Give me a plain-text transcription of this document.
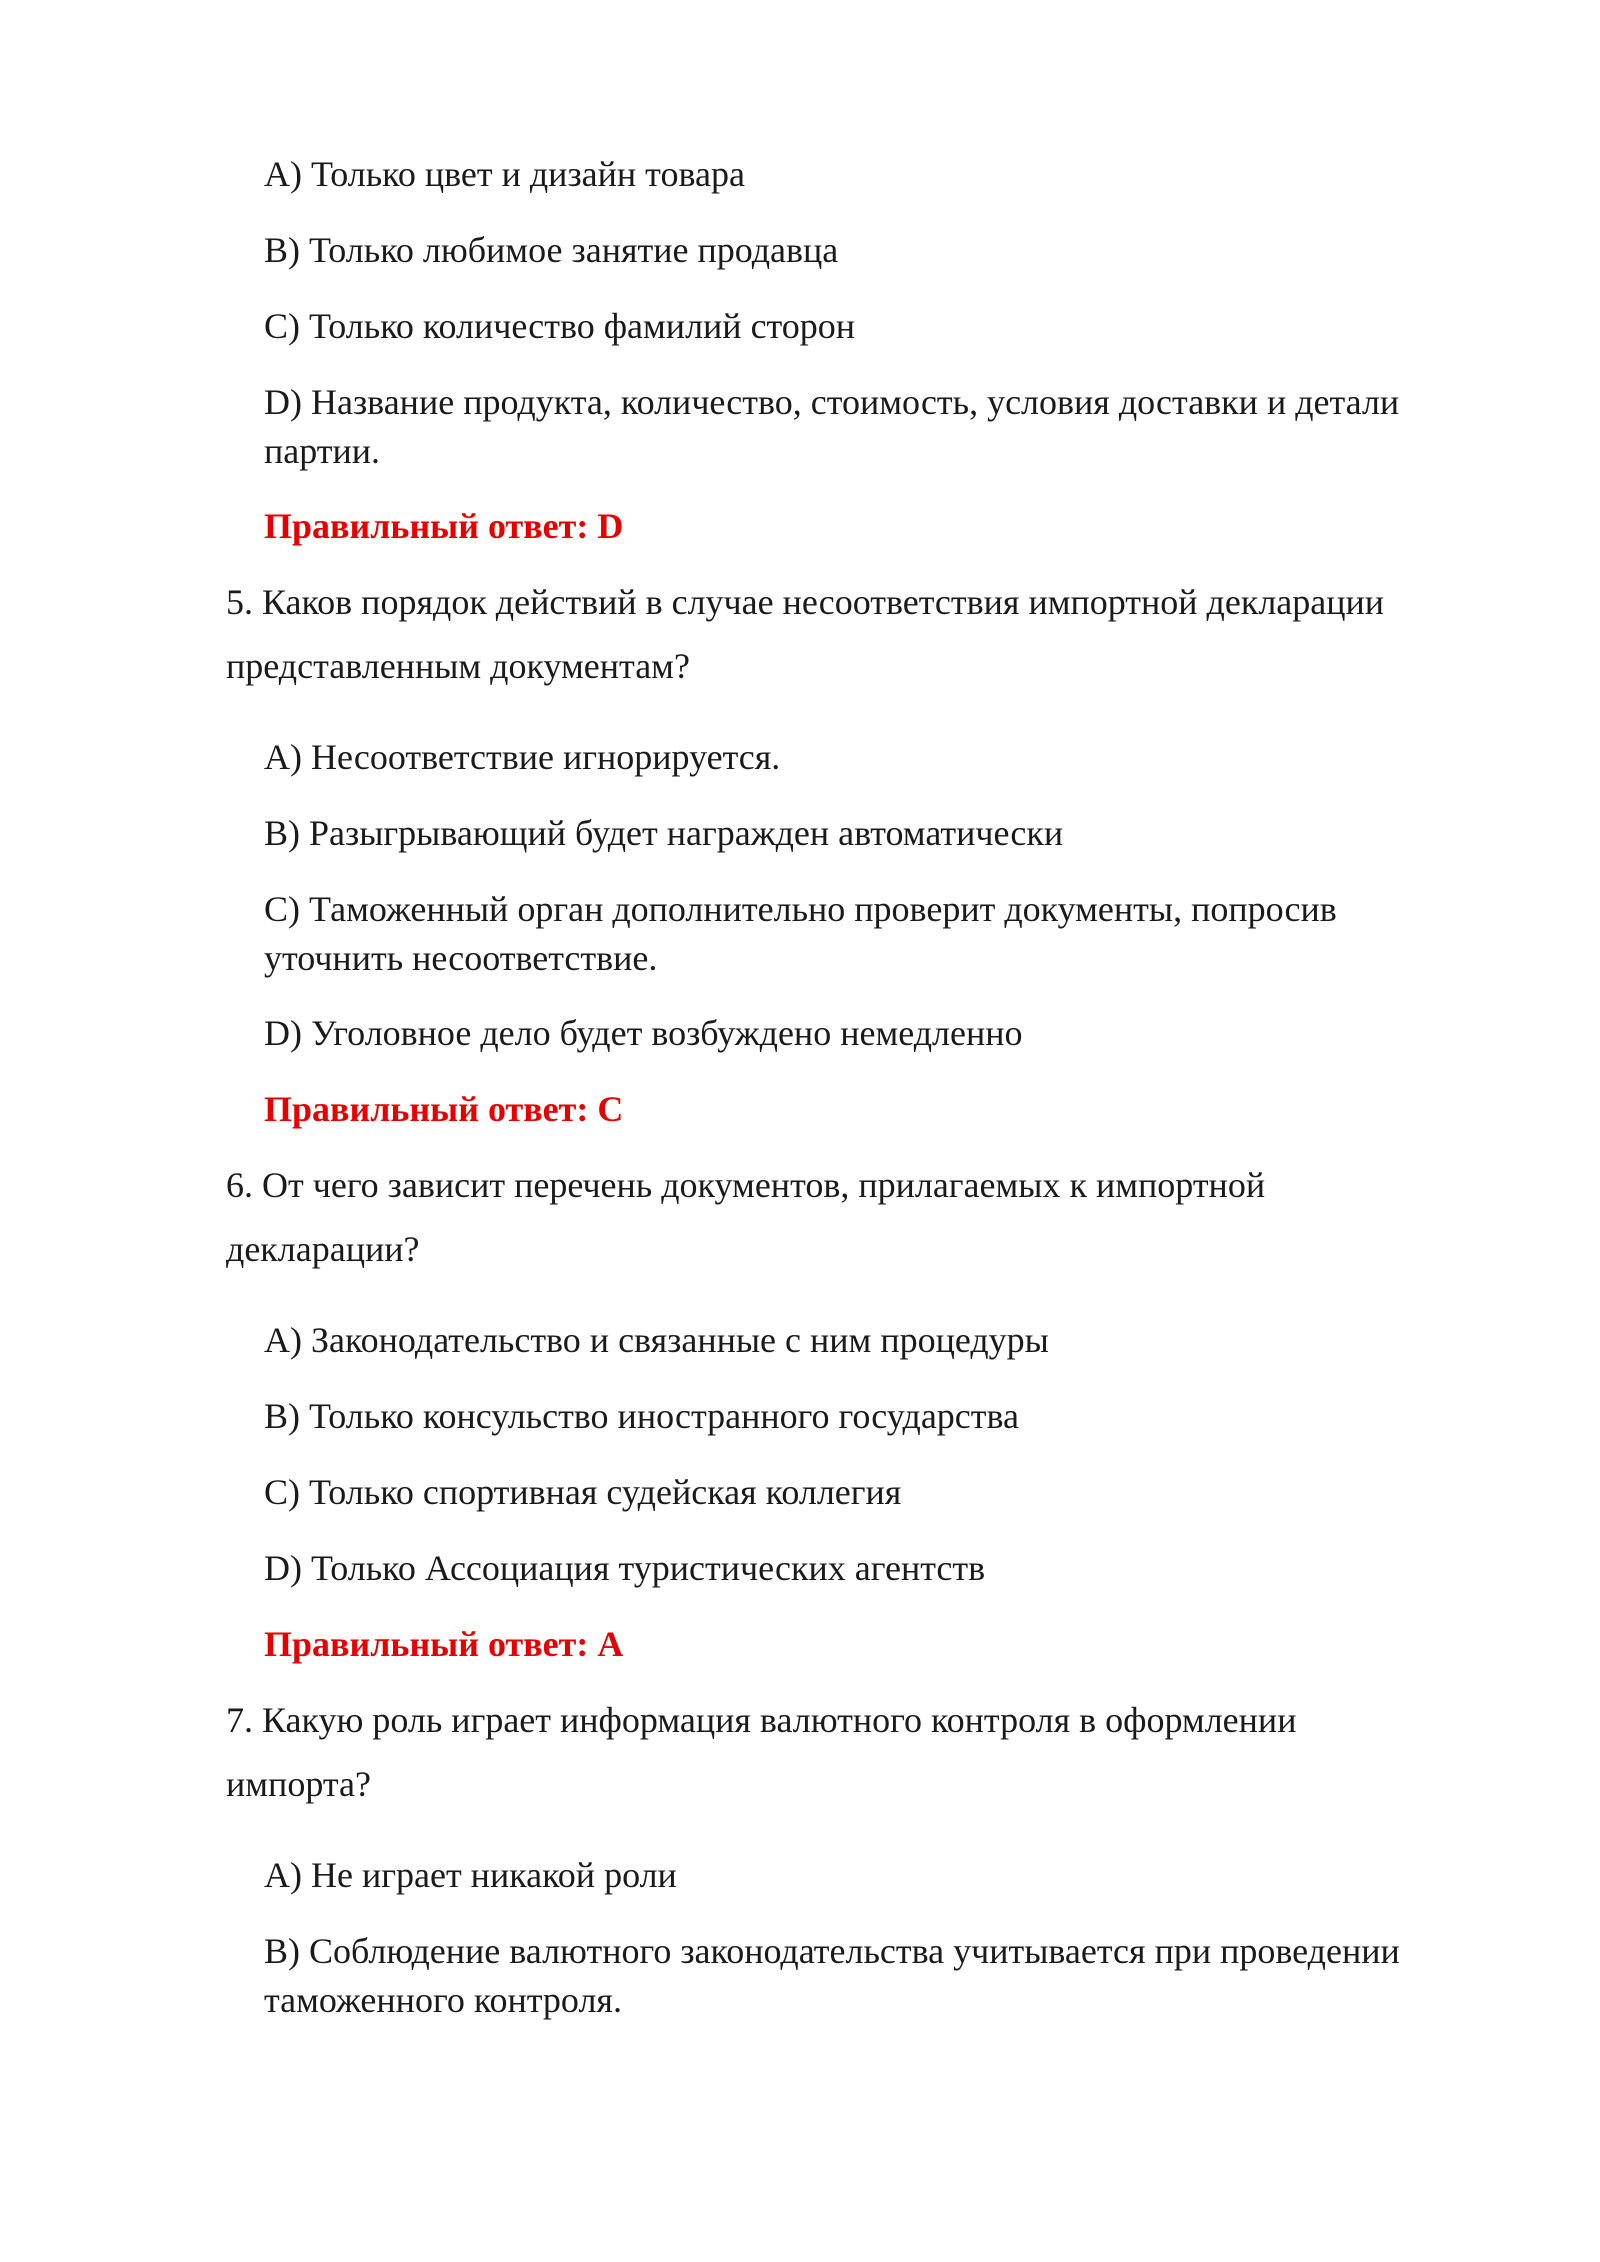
A) Только цвет и дизайн товара
B) Только любимое занятие продавца
C) Только количество фамилий сторон
D) Название продукта, количество, стоимость, условия доставки и детали
партии.
Правильный ответ: D
5. Каков порядок действий в случае несоответствия импортной декларации
представленным документам?
A) Несоответствие игнорируется.
B) Разыгрывающий будет награжден автоматически
C) Таможенный орган дополнительно проверит документы, попросив
уточнить несоответствие.
D) Уголовное дело будет возбуждено немедленно
Правильный ответ: C
6. От чего зависит перечень документов, прилагаемых к импортной
декларации?
A) Законодательство и связанные с ним процедуры
B) Только консульство иностранного государства
C) Только спортивная судейская коллегия
D) Только Ассоциация туристических агентств
Правильный ответ: A
7. Какую роль играет информация валютного контроля в оформлении
импорта?
A) Не играет никакой роли
B) Соблюдение валютного законодательства учитывается при проведении
таможенного контроля.
